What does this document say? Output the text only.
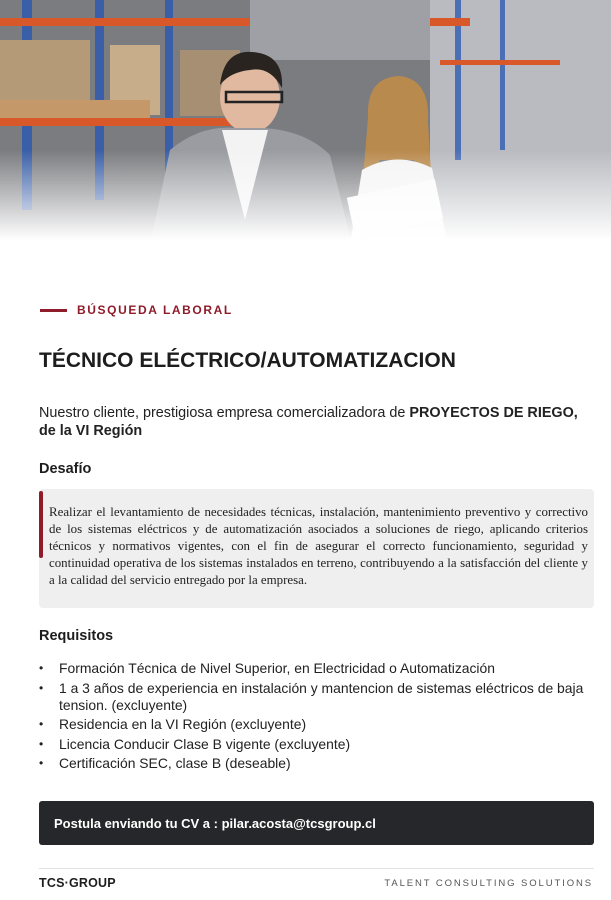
BÚSQUEDA LABORAL
TÉCNICO ELÉCTRICO/AUTOMATIZACION

Nuestro cliente, prestigiosa empresa comercializadora de PROYECTOS DE RIEGO, de la VI Región

Desafío

Realizar el levantamiento de necesidades técnicas, instalación, mantenimiento preventivo y correctivo de los sistemas eléctricos y de automatización asociados a soluciones de riego, aplicando criterios técnicos y normativos vigentes, con el fin de asegurar el correcto funcionamiento, seguridad y continuidad operativa de los sistemas instalados en terreno, contribuyendo a la satisfacción del cliente y a la calidad del servicio entregado por la empresa.

Requisitos
• Formación Técnica de Nivel Superior, en Electricidad o Automatización
• 1 a 3 años de experiencia en instalación y mantencion de sistemas eléctricos de baja tension. (excluyente)
• Residencia en la VI Región (excluyente)
• Licencia Conducir Clase B vigente (excluyente)
• Certificación SEC, clase B (deseable)
Postula enviando tu CV a : pilar.acosta@tcsgroup.cl
TCS·GROUP	TALENT CONSULTING SOLUTIONS
